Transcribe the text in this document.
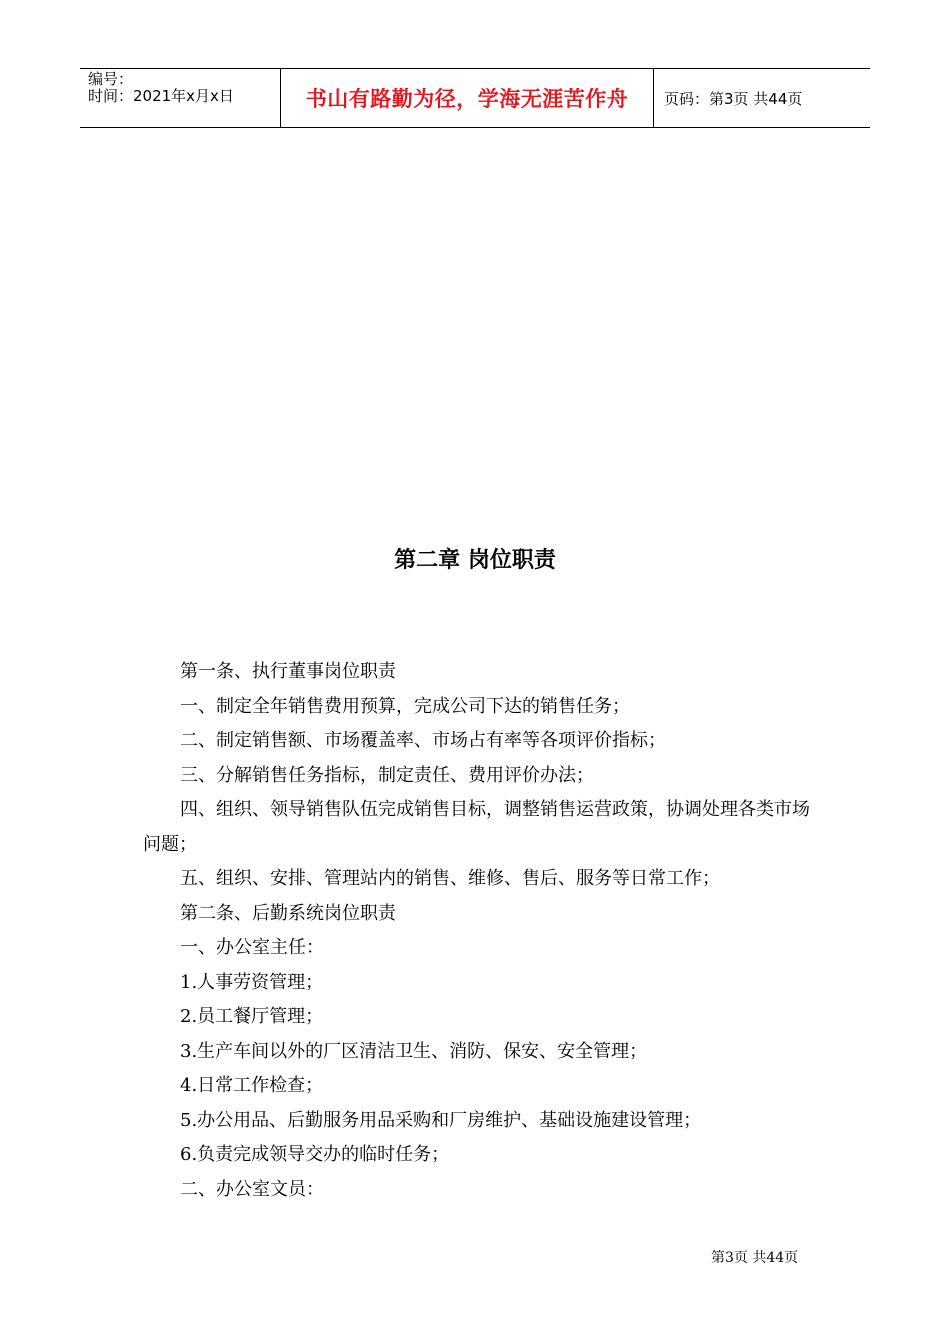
编号：
时间：2021年x月x日	书山有路勤为径，学海无涯苦作舟	页码：第3页 共44页
第二章 岗位职责

第一条、执行董事岗位职责

一、制定全年销售费用预算，完成公司下达的销售任务；

二、制定销售额、市场覆盖率、市场占有率等各项评价指标；

三、分解销售任务指标，制定责任、费用评价办法；

四、组织、领导销售队伍完成销售目标，调整销售运营政策，协调处理各类市场问题；

五、组织、安排、管理站内的销售、维修、售后、服务等日常工作；

第二条、后勤系统岗位职责

一、办公室主任：

1.人事劳资管理；

2.员工餐厅管理；

3.生产车间以外的厂区清洁卫生、消防、保安、安全管理；

4.日常工作检查；

5.办公用品、后勤服务用品采购和厂房维护、基础设施建设管理；

6.负责完成领导交办的临时任务；

二、办公室文员：

第3页 共44页
